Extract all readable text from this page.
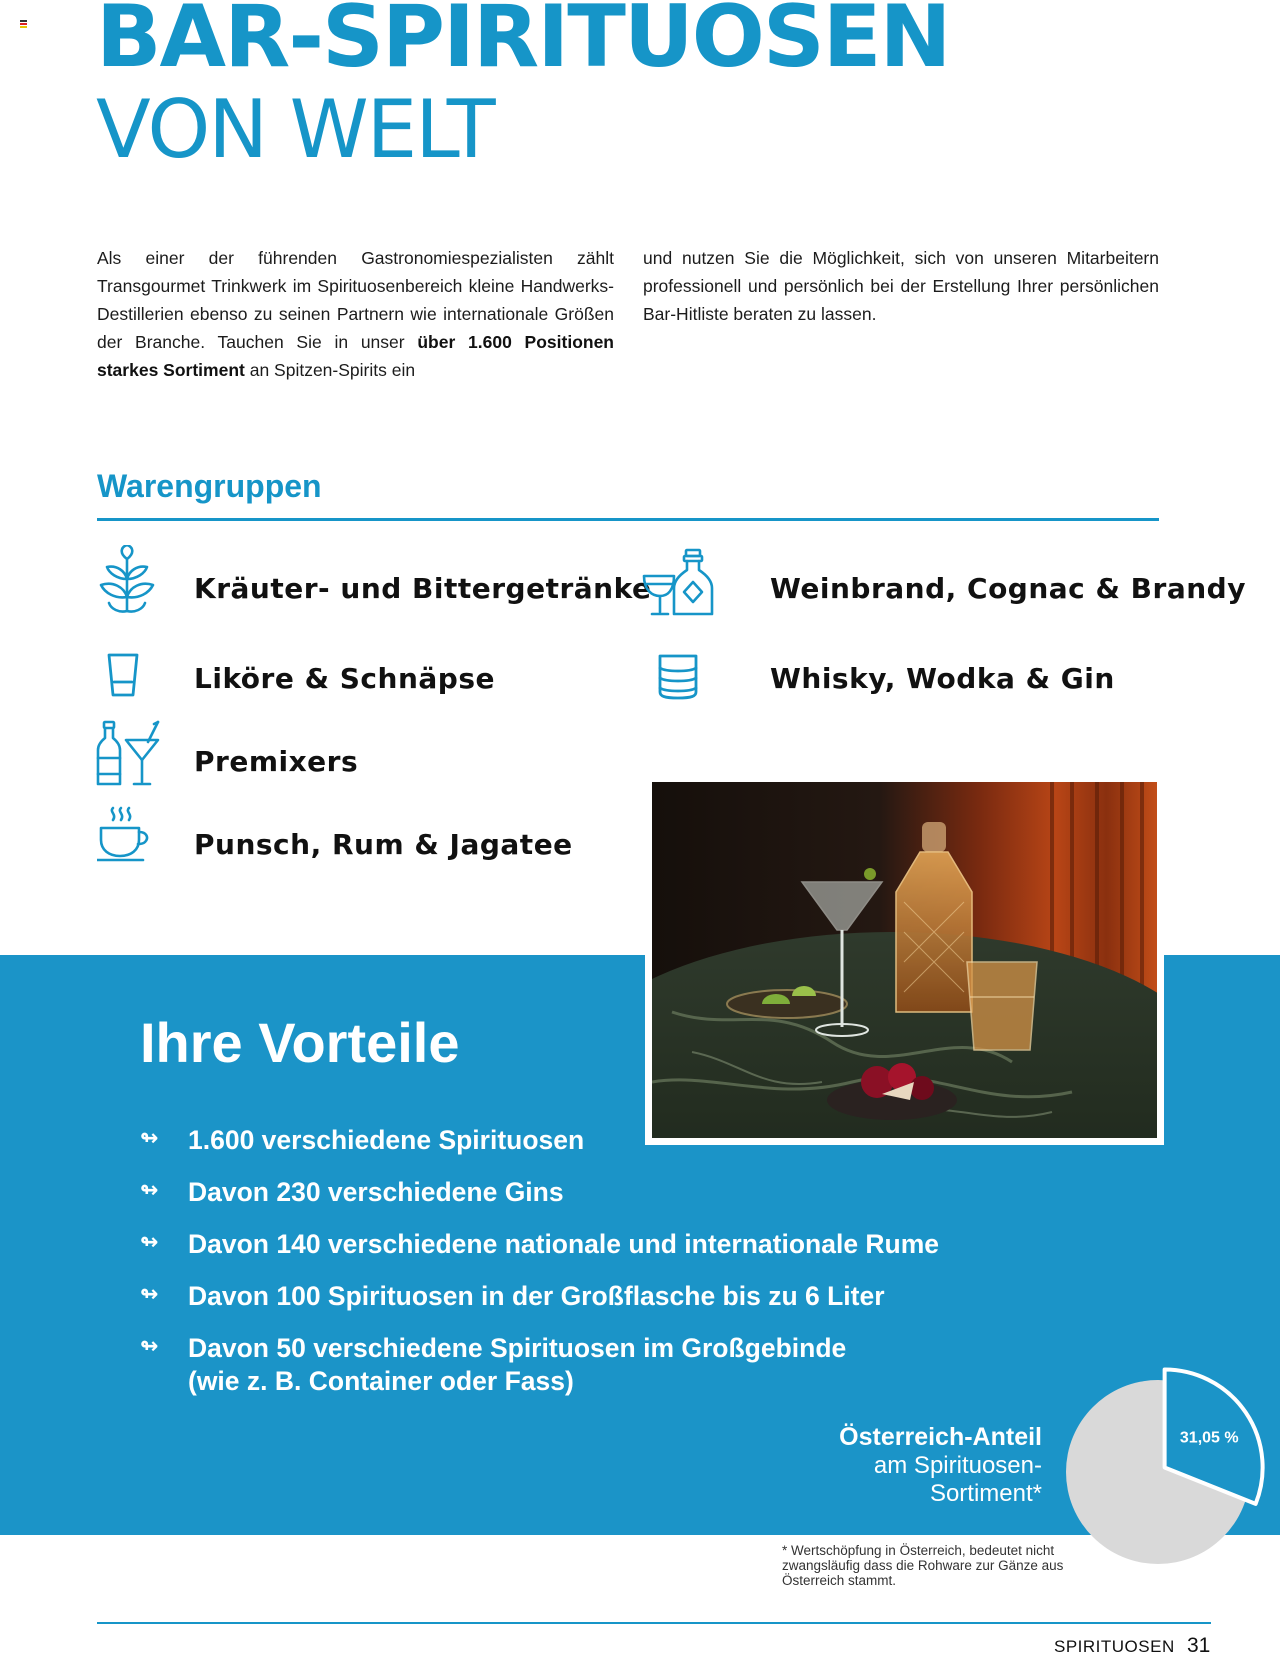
BAR-SPIRITUOSEN
VON WELT

Als einer der führenden Gastronomiespezialisten zählt Transgourmet Trinkwerk im Spirituosenbereich kleine Handwerks-Destillerien ebenso zu seinen Partnern wie internationale Größen der Branche. Tauchen Sie in unser über 1.600 Positionen starkes Sortiment an Spitzen-Spirits ein

und nutzen Sie die Möglichkeit, sich von unseren Mitarbeitern professionell und persönlich bei der Erstellung Ihrer persönlichen Bar-Hitliste beraten zu lassen.

Warengruppen
Kräuter- und Bittergetränke	Weinbrand, Cognac & Brandy
Liköre & Schnäpse	Whisky, Wodka & Gin
Premixers
Punsch, Rum & Jagatee
Ihre Vorteile
↬	1.600 verschiedene Spirituosen
↬	Davon 230 verschiedene Gins
↬	Davon 140 verschiedene nationale und internationale Rume
↬	Davon 100 Spirituosen in der Großflasche bis zu 6 Liter
↬	Davon 50 verschiedene Spirituosen im Großgebinde
(wie z. B. Container oder Fass)
Österreich-Anteil
am Spirituosen-
Sortiment*
31,05 %

* Wertschöpfung in Österreich, bedeutet nicht zwangsläufig dass die Rohware zur Gänze aus Österreich stammt.

SPIRITUOSEN 31
